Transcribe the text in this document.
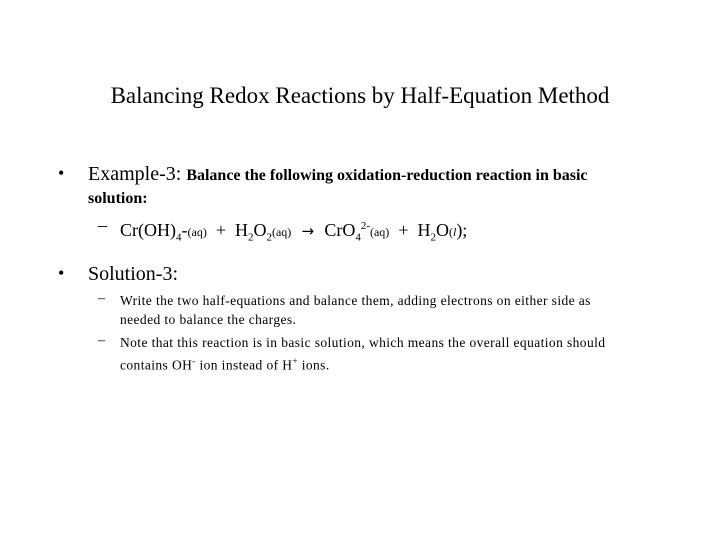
Balancing Redox Reactions by Half-Equation Method
• Example-3: Balance the following oxidation-reduction reaction in basic
solution:
– $Cr(OH)_4-(aq) + H_2O_2(aq) \to CrO_4^{2-}(aq) + H_2O(l)$;
• Solution-3:
– Write the two half-equations and balance them, adding electrons on either side as
needed to balance the charges.
– Note that this reaction is in basic solution, which means the overall equation should
contains OH- ion instead of H+ ions.
